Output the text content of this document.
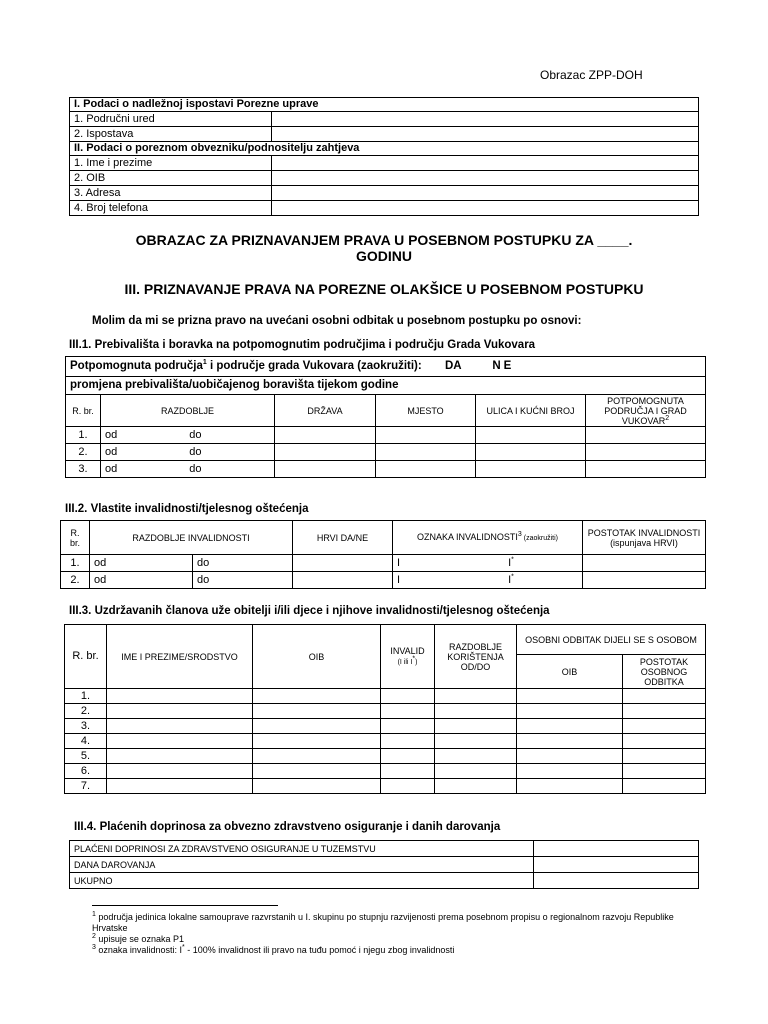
Obrazac ZPP-DOH
I. Podaci o nadležnoj ispostavi Porezne uprave	
1. Područni ured	
2. Ispostava	
II. Podaci o poreznom obvezniku/podnositelju zahtjeva	
1. Ime i prezime	
2. OIB	
3. Adresa	
4. Broj telefona	
OBRAZAC ZA PRIZNAVANJEM PRAVA U POSEBNOM POSTUPKU ZA ____.
GODINU
III. PRIZNAVANJE PRAVA NA POREZNE OLAKŠICE U POSEBNOM POSTUPKU
Molim da mi se prizna pravo na uvećani osobni odbitak u posebnom postupku po osnovi:
III.1. Prebivališta i boravka na potpomognutim područjima i području Grada Vukovara
Potpomognuta područja$^1$ i područje grada Vukovara (zaokružiti): DA NE					
promjena prebivališta/uobičajenog boravišta tijekom godine					
R. br.	RAZDOBLJE	DRŽAVA	MJESTO	ULICA I KUĆNI BROJ	POTPOMOGNUTA PODRUČJA I GRAD VUKOVAR$^2$
1.	od do				
2.	od do				
3.	od do				
III.2. Vlastite invalidnosti/tjelesnog oštećenja
R. br.	RAZDOBLJE INVALIDNOSTI		HRVI DA/NE	OZNAKA INVALIDNOSTI$^3$ (zaokružiti)	POSTOTAK INVALIDNOSTI
(ispunjava HRVI)
1.	od	do		I I*	
2.	od	do		I I*	
III.3. Uzdržavanih članova uže obitelji i/ili djece i njihove invalidnosti/tjelesnog oštećenja
R. br.	IME I PREZIME/SRODSTVO	OIB	INVALID
(I ili I*)	RAZDOBLJE KORIŠTENJA OD/DO	OSOBNI ODBITAK DIJELI SE S OSOBOM	
					OIB	POSTOTAK OSOBNOG ODBITKA
1.						
2.						
3.						
4.						
5.						
6.						
7.						
III.4. Plaćenih doprinosa za obvezno zdravstveno osiguranje i danih darovanja
PLAĆENI DOPRINOSI ZA ZDRAVSTVENO OSIGURANJE U TUZEMSTVU	
DANA DAROVANJA	
UKUPNO	
$^1$ područja jedinica lokalne samouprave razvrstanih u I. skupinu po stupnju razvijenosti prema posebnom propisu o regionalnom razvoju Republike Hrvatske
$^2$ upisuje se oznaka P1
$^3$ oznaka invalidnosti: I* - 100% invalidnost ili pravo na tuđu pomoć i njegu zbog invalidnosti
